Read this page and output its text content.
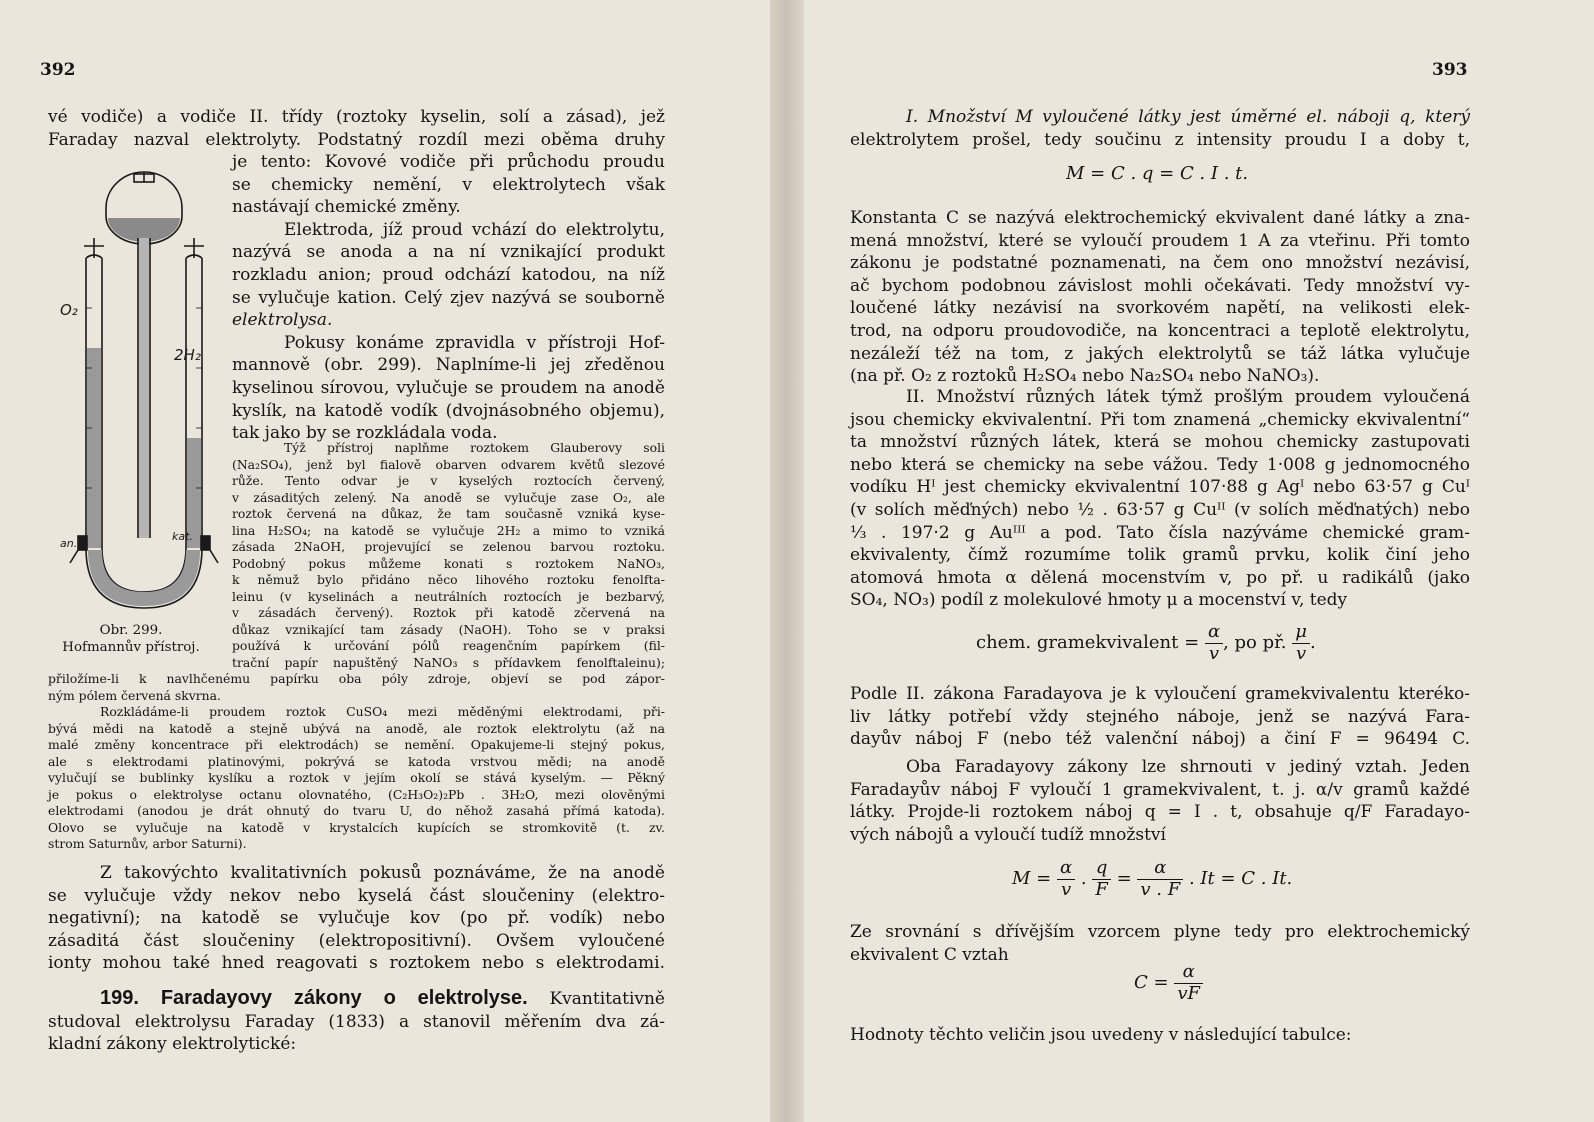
392
vé vodiče) a vodiče II. třídy (roztoky kyselin, solí a zásad), jež
Faraday nazval elektrolyty. Podstatný rozdíl mezi oběma druhy
O₂
2H₂
an.
kat.
Obr. 299.
Hofmannův přístroj.
je tento: Kovové vodiče při průchodu proudu
se chemicky nemění, v elektrolytech však
nastávají chemické změny.
Elektroda, jíž proud vchází do elektrolytu,
nazývá se anoda a na ní vznikající produkt
rozkladu anion; proud odchází katodou, na níž
se vylučuje kation. Celý zjev nazývá se souborně
elektrolysa.
Pokusy konáme zpravidla v přístroji Hof-
mannově (obr. 299). Naplníme-li jej zředěnou
kyselinou sírovou, vylučuje se proudem na anodě
kyslík, na katodě vodík (dvojnásobného objemu),
tak jako by se rozkládala voda.
Týž přístroj naplňme roztokem Glauberovy soli
(Na₂SO₄), jenž byl fialově obarven odvarem květů slezové
růže. Tento odvar je v kyselých roztocích červený,
v zásaditých zelený. Na anodě se vylučuje zase O₂, ale
roztok červená na důkaz, že tam současně vzniká kyse-
lina H₂SO₄; na katodě se vylučuje 2H₂ a mimo to vzniká
zásada 2NaOH, projevující se zelenou barvou roztoku.
Podobný pokus můžeme konati s roztokem NaNO₃,
k němuž bylo přidáno něco lihového roztoku fenolfta-
leinu (v kyselinách a neutrálních roztocích je bezbarvý,
v zásadách červený). Roztok při katodě zčervená na
důkaz vznikající tam zásady (NaOH). Toho se v praksi
používá k určování pólů reagenčním papírkem (fil-
trační papír napuštěný NaNO₃ s přídavkem fenolftaleinu);
přiložíme-li k navlhčenému papírku oba póly zdroje, objeví se pod zápor-
ným pólem červená skvrna.
Rozkládáme-li proudem roztok CuSO₄ mezi měděnými elektrodami, při-
bývá mědi na katodě a stejně ubývá na anodě, ale roztok elektrolytu (až na
malé změny koncentrace při elektrodách) se nemění. Opakujeme-li stejný pokus,
ale s elektrodami platinovými, pokrývá se katoda vrstvou mědi; na anodě
vylučují se bublinky kyslíku a roztok v jejím okolí se stává kyselým. — Pěkný
je pokus o elektrolyse octanu olovnatého, (C₂H₃O₂)₂Pb . 3H₂O, mezi olověnými
elektrodami (anodou je drát ohnutý do tvaru U, do něhož zasahá přímá katoda).
Olovo se vylučuje na katodě v krystalcích kupících se stromkovitě (t. zv.
strom Saturnův, arbor Saturni).
Z takovýchto kvalitativních pokusů poznáváme, že na anodě
se vylučuje vždy nekov nebo kyselá část sloučeniny (elektro-
negativní); na katodě se vylučuje kov (po př. vodík) nebo
zásaditá část sloučeniny (elektropositivní). Ovšem vyloučené
ionty mohou také hned reagovati s roztokem nebo s elektrodami.
199. Faradayovy zákony o elektrolyse. Kvantitativně
studoval elektrolysu Faraday (1833) a stanovil měřením dva zá-
kladní zákony elektrolytické:
393
I. Množství M vyloučené látky jest úměrné el. náboji q, který
elektrolytem prošel, tedy součinu z intensity proudu I a doby t,
M = C . q = C . I . t.
Konstanta C se nazývá elektrochemický ekvivalent dané látky a zna-
mená množství, které se vyloučí proudem 1 A za vteřinu. Při tomto
zákonu je podstatné poznamenati, na čem ono množství nezávisí,
ač bychom podobnou závislost mohli očekávati. Tedy množství vy-
loučené látky nezávisí na svorkovém napětí, na velikosti elek-
trod, na odporu proudovodiče, na koncentraci a teplotě elektrolytu,
nezáleží též na tom, z jakých elektrolytů se táž látka vylučuje
(na př. O₂ z roztoků H₂SO₄ nebo Na₂SO₄ nebo NaNO₃).
II. Množství různých látek týmž prošlým proudem vyloučená
jsou chemicky ekvivalentní. Při tom znamená „chemicky ekvivalentní“
ta množství různých látek, která se mohou chemicky zastupovati
nebo která se chemicky na sebe vážou. Tedy 1·008 g jednomocného
vodíku Hᴵ jest chemicky ekvivalentní 107·88 g Agᴵ nebo 63·57 g Cuᴵ
(v solích měďných) nebo ½ . 63·57 g Cuᴵᴵ (v solích měďnatých) nebo
⅓ . 197·2 g Auᴵᴵᴵ a pod. Tato čísla nazýváme chemické gram-
ekvivalenty, čímž rozumíme tolik gramů prvku, kolik činí jeho
atomová hmota α dělená mocenstvím v, po př. u radikálů (jako
SO₄, NO₃) podíl z molekulové hmoty μ a mocenství v, tedy
chem. gramekvivalent = $\frac{\alpha}{v}$ , po př. $\frac{\mu}{v}$ .
Podle II. zákona Faradayova je k vyloučení gramekvivalentu kteréko-
liv látky potřebí vždy stejného náboje, jenž se nazývá Fara-
dayův náboj F (nebo též valenční náboj) a činí F = 96494 C.
Oba Faradayovy zákony lze shrnouti v jediný vztah. Jeden
Faradayův náboj F vyloučí 1 gramekvivalent, t. j. α/v gramů každé
látky. Projde-li roztokem náboj q = I . t, obsahuje q/F Faradayo-
vých nábojů a vyloučí tudíž množství
$M = \frac{\alpha}{v}$ . $\frac{q}{F} = \frac{\alpha}{v . F}$ . It = C . It.
Ze srovnání s dřívějším vzorcem plyne tedy pro elektrochemický
ekvivalent C vztah
$C = \frac{\alpha}{vF}$
Hodnoty těchto veličin jsou uvedeny v následující tabulce:
